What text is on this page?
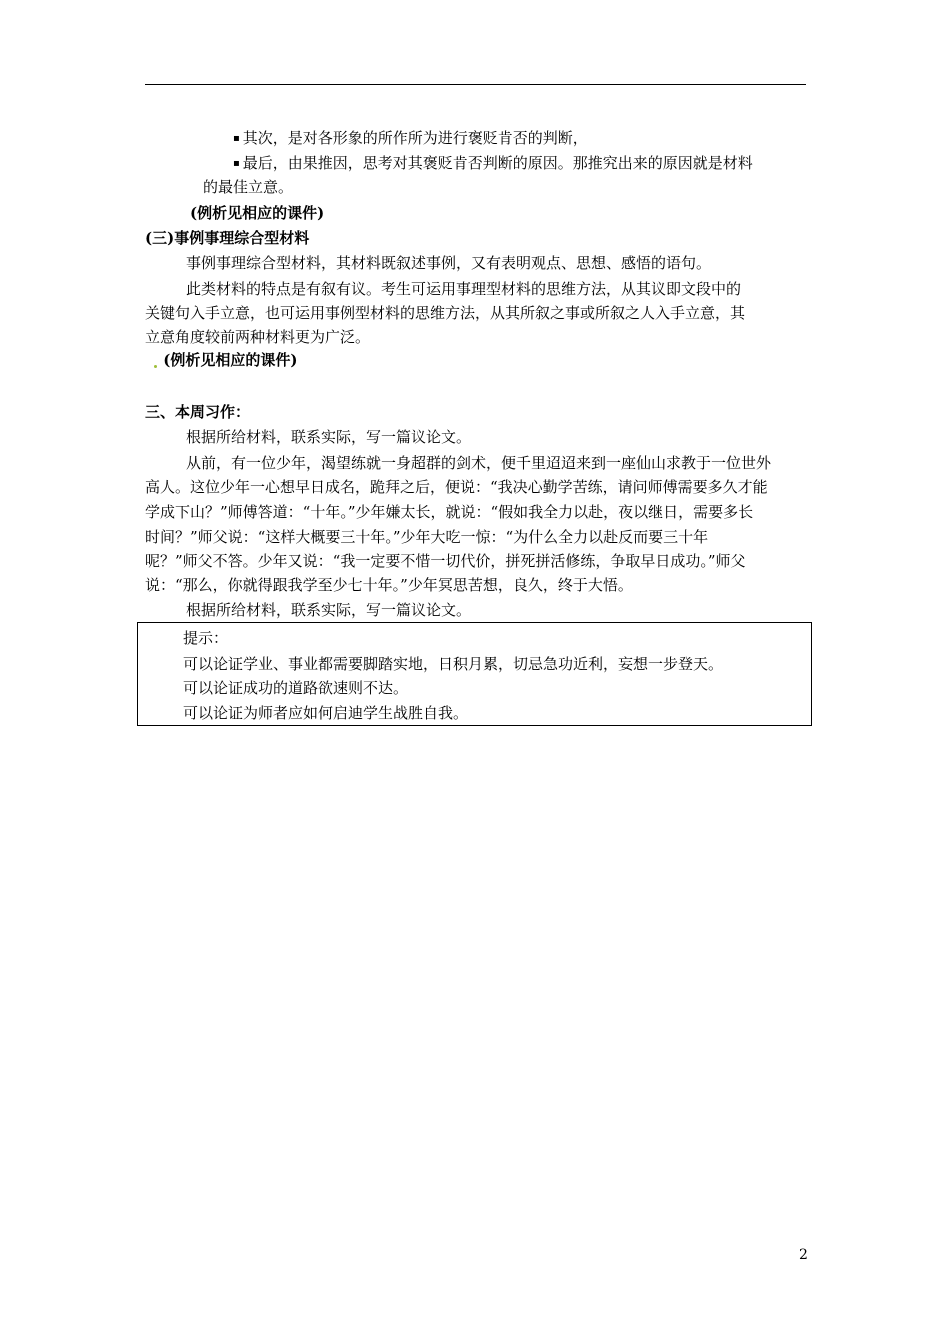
▪ 其次，是对各形象的所作所为进行褒贬肯否的判断，
▪ 最后，由果推因，思考对其褒贬肯否判断的原因。那推究出来的原因就是材料
的最佳立意。
(例析见相应的课件)
(三)事例事理综合型材料
事例事理综合型材料，其材料既叙述事例，又有表明观点、思想、感悟的语句。
此类材料的特点是有叙有议。考生可运用事理型材料的思维方法，从其议即文段中的
关键句入手立意，也可运用事例型材料的思维方法，从其所叙之事或所叙之人入手立意，其
立意角度较前两种材料更为广泛。
(例析见相应的课件)
三、本周习作：
根据所给材料，联系实际，写一篇议论文。
从前，有一位少年，渴望练就一身超群的剑术，便千里迢迢来到一座仙山求教于一位世外
高人。这位少年一心想早日成名，跪拜之后，便说：“我决心勤学苦练，请问师傅需要多久才能
学成下山？”师傅答道：“十年。”少年嫌太长，就说：“假如我全力以赴，夜以继日，需要多长
时间？”师父说：“这样大概要三十年。”少年大吃一惊：“为什么全力以赴反而要三十年
呢？”师父不答。少年又说：“我一定要不惜一切代价，拼死拼活修练，争取早日成功。”师父
说：“那么，你就得跟我学至少七十年。”少年冥思苦想，良久，终于大悟。
根据所给材料，联系实际，写一篇议论文。
提示：
可以论证学业、事业都需要脚踏实地，日积月累，切忌急功近利，妄想一步登天。
可以论证成功的道路欲速则不达。
可以论证为师者应如何启迪学生战胜自我。
2
